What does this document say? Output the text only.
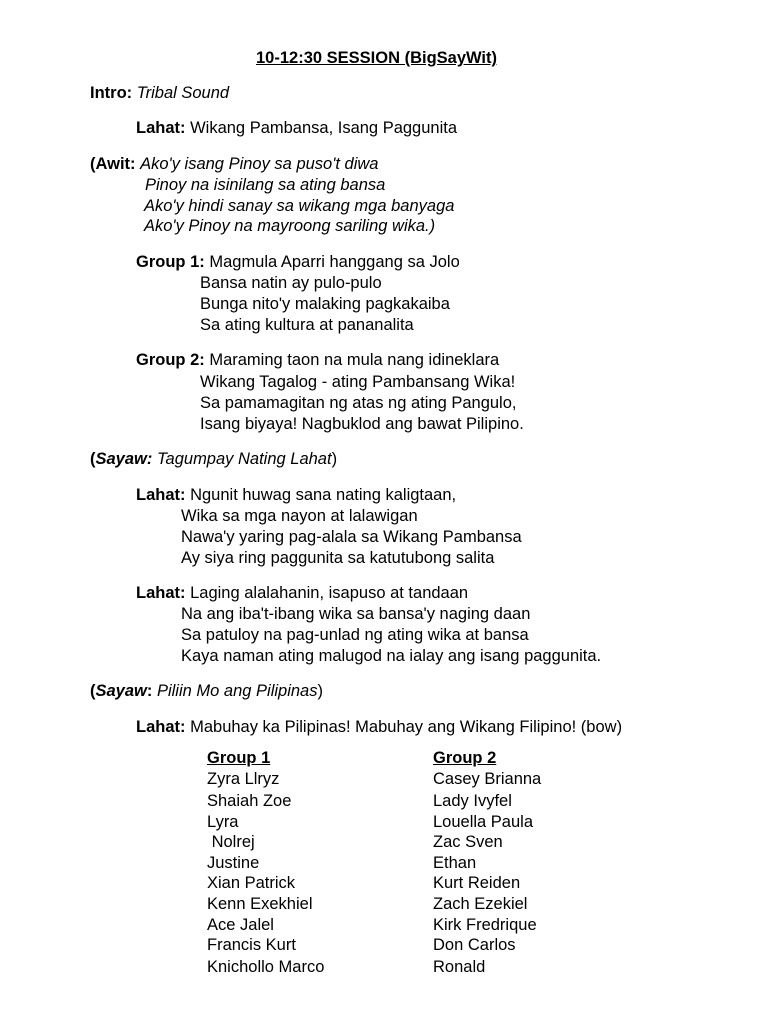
10-12:30 SESSION (BigSayWit)
Intro: Tribal Sound
Lahat: Wikang Pambansa, Isang Paggunita
(Awit: Ako'y isang Pinoy sa puso't diwa
Pinoy na isinilang sa ating bansa
Ako'y hindi sanay sa wikang mga banyaga
Ako'y Pinoy na mayroong sariling wika.)
Group 1: Magmula Aparri hanggang sa Jolo
Bansa natin ay pulo-pulo
Bunga nito'y malaking pagkakaiba
Sa ating kultura at pananalita
Group 2: Maraming taon na mula nang idineklara
Wikang Tagalog - ating Pambansang Wika!
Sa pamamagitan ng atas ng ating Pangulo,
Isang biyaya! Nagbuklod ang bawat Pilipino.
(Sayaw: Tagumpay Nating Lahat)
Lahat: Ngunit huwag sana nating kaligtaan,
Wika sa mga nayon at lalawigan
Nawa'y yaring pag-alala sa Wikang Pambansa
Ay siya ring paggunita sa katutubong salita
Lahat: Laging alalahanin, isapuso at tandaan
Na ang iba't-ibang wika sa bansa'y naging daan
Sa patuloy na pag-unlad ng ating wika at bansa
Kaya naman ating malugod na ialay ang isang paggunita.
(Sayaw: Piliin Mo ang Pilipinas)
Lahat: Mabuhay ka Pilipinas! Mabuhay ang Wikang Filipino! (bow)
Group 1	Group 2
Zyra Llryz
Shaiah Zoe
Lyra
Nolrej
Justine
Xian Patrick
Kenn Exekhiel
Ace Jalel
Francis Kurt
Knichollo Marco
Casey Brianna
Lady Ivyfel
Louella Paula
Zac Sven
Ethan
Kurt Reiden
Zach Ezekiel
Kirk Fredrique
Don Carlos
Ronald
